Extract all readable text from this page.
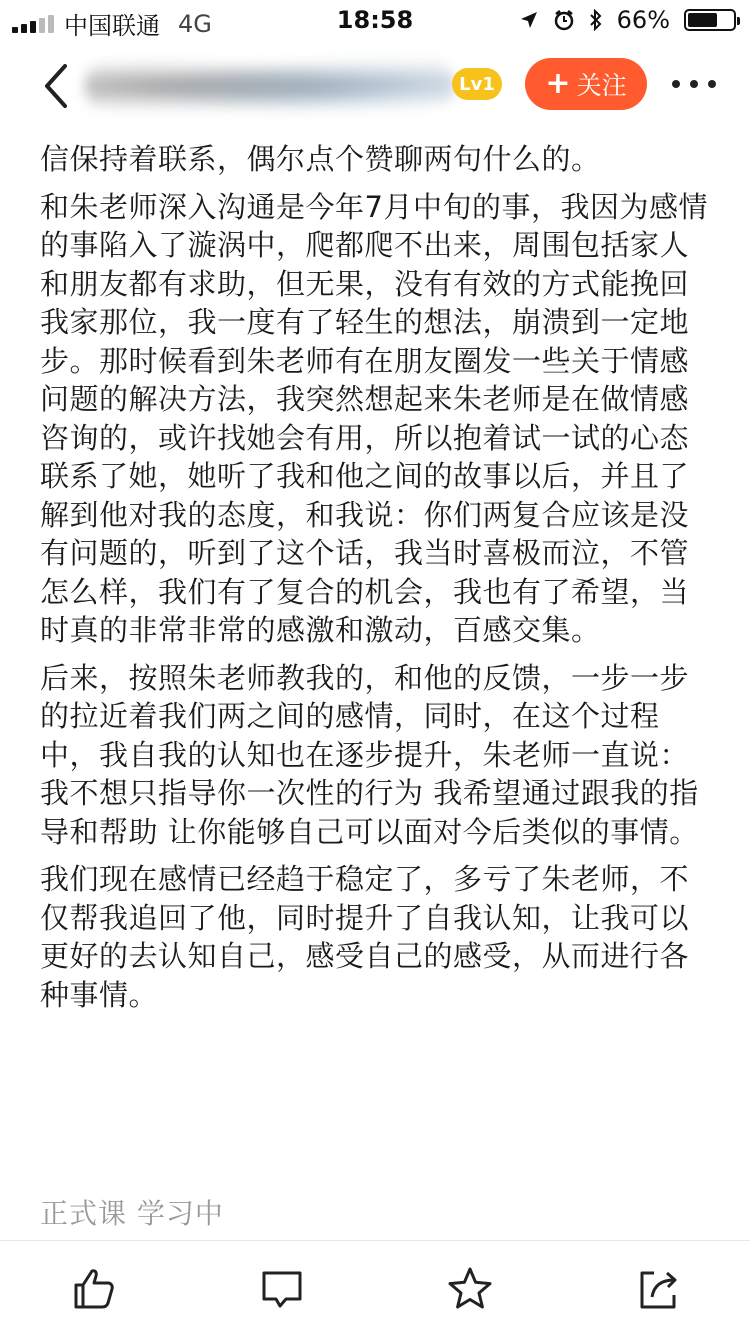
中国联通 4G	18:58	66%
Lv1 + 关注

信保持着联系，偶尔点个赞聊两句什么的。

和朱老师深入沟通是今年7月中旬的事，我因为感情的事陷入了漩涡中，爬都爬不出来，周围包括家人和朋友都有求助，但无果，没有有效的方式能挽回我家那位，我一度有了轻生的想法，崩溃到一定地步。那时候看到朱老师有在朋友圈发一些关于情感问题的解决方法，我突然想起来朱老师是在做情感咨询的，或许找她会有用，所以抱着试一试的心态联系了她，她听了我和他之间的故事以后，并且了解到他对我的态度，和我说：你们两复合应该是没有问题的，听到了这个话，我当时喜极而泣，不管怎么样，我们有了复合的机会，我也有了希望，当时真的非常非常的感激和激动，百感交集。

后来，按照朱老师教我的，和他的反馈，一步一步的拉近着我们两之间的感情，同时，在这个过程中，我自我的认知也在逐步提升，朱老师一直说：我不想只指导你一次性的行为 我希望通过跟我的指导和帮助 让你能够自己可以面对今后类似的事情。

我们现在感情已经趋于稳定了，多亏了朱老师，不仅帮我追回了他，同时提升了自我认知，让我可以更好的去认知自己，感受自己的感受，从而进行各种事情。

正式课 学习中
